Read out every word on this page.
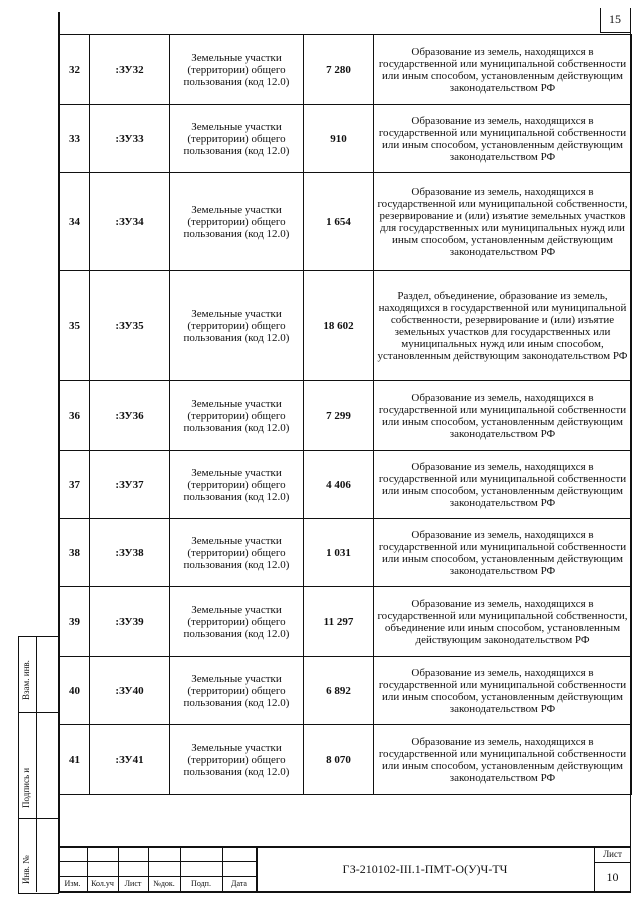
15
32	:ЗУ32	Земельные участки (территории) общего пользования (код 12.0)	7 280	Образование из земель, находящихся в государственной или муниципальной собственности или иным способом, установленным действующим законодательством РФ
33	:ЗУ33	Земельные участки (территории) общего пользования (код 12.0)	910	Образование из земель, находящихся в государственной или муниципальной собственности или иным способом, установленным действующим законодательством РФ
34	:ЗУ34	Земельные участки (территории) общего пользования (код 12.0)	1 654	Образование из земель, находящихся в государственной или муниципальной собственности, резервирование и (или) изъятие земельных участков для государственных или муниципальных нужд или иным способом, установленным действующим законодательством РФ
35	:ЗУ35	Земельные участки (территории) общего пользования (код 12.0)	18 602	Раздел, объединение, образование из земель, находящихся в государственной или муниципальной собственности, резервирование и (или) изъятие земельных участков для государственных или муниципальных нужд или иным способом, установленным действующим законодательством РФ
36	:ЗУ36	Земельные участки (территории) общего пользования (код 12.0)	7 299	Образование из земель, находящихся в государственной или муниципальной собственности или иным способом, установленным действующим законодательством РФ
37	:ЗУ37	Земельные участки (территории) общего пользования (код 12.0)	4 406	Образование из земель, находящихся в государственной или муниципальной собственности или иным способом, установленным действующим законодательством РФ
38	:ЗУ38	Земельные участки (территории) общего пользования (код 12.0)	1 031	Образование из земель, находящихся в государственной или муниципальной собственности или иным способом, установленным действующим законодательством РФ
39	:ЗУ39	Земельные участки (территории) общего пользования (код 12.0)	11 297	Образование из земель, находящихся в государственной или муниципальной собственности, объединение или иным способом, установленным действующим законодательством РФ
40	:ЗУ40	Земельные участки (территории) общего пользования (код 12.0)	6 892	Образование из земель, находящихся в государственной или муниципальной собственности или иным способом, установленным действующим законодательством РФ
41	:ЗУ41	Земельные участки (территории) общего пользования (код 12.0)	8 070	Образование из земель, находящихся в государственной или муниципальной собственности или иным способом, установленным действующим законодательством РФ
Взам. инв.
Подпись и
Инв. №	Изм.	Кол.уч	Лист	№док.	Подп.	Дата
ГЗ-210102-III.1-ПМТ-О(У)Ч-ТЧ
Лист
10
